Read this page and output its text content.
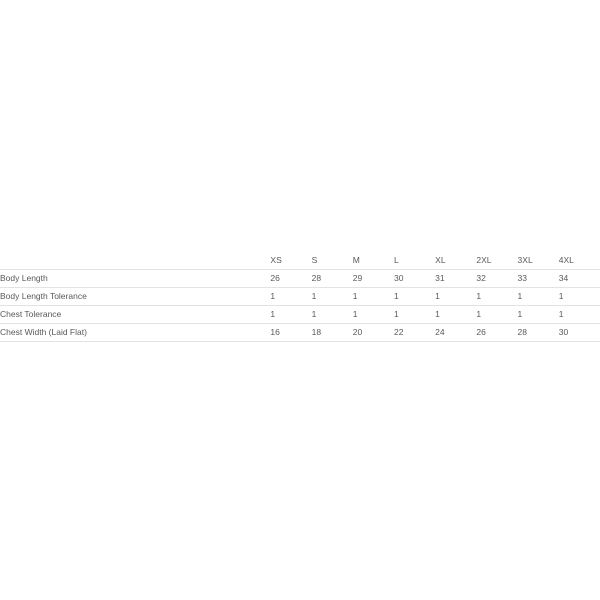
	XS	S	M	L	XL	2XL	3XL	4XL
Body Length	26	28	29	30	31	32	33	34
Body Length Tolerance	1	1	1	1	1	1	1	1
Chest Tolerance	1	1	1	1	1	1	1	1
Chest Width (Laid Flat)	16	18	20	22	24	26	28	30
